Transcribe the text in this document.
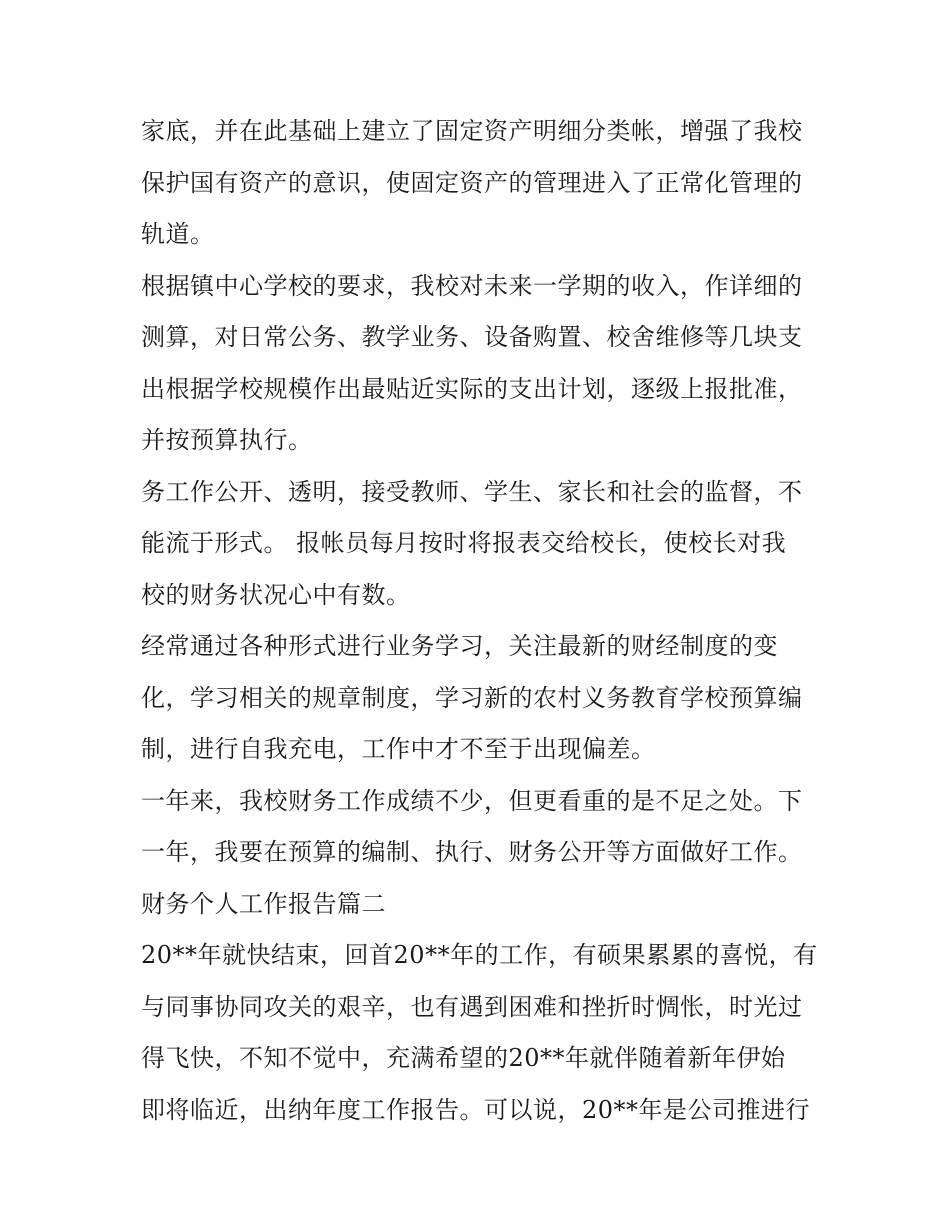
家底，并在此基础上建立了固定资产明细分类帐，增强了我校
保护国有资产的意识，使固定资产的管理进入了正常化管理的
轨道。
根据镇中心学校的要求，我校对未来一学期的收入，作详细的
测算，对日常公务、教学业务、设备购置、校舍维修等几块支
出根据学校规模作出最贴近实际的支出计划，逐级上报批准，
并按预算执行。
务工作公开、透明，接受教师、学生、家长和社会的监督，不
能流于形式。 报帐员每月按时将报表交给校长，使校长对我
校的财务状况心中有数。
经常通过各种形式进行业务学习，关注最新的财经制度的变
化，学习相关的规章制度，学习新的农村义务教育学校预算编
制，进行自我充电，工作中才不至于出现偏差。
一年来，我校财务工作成绩不少，但更看重的是不足之处。下
一年，我要在预算的编制、执行、财务公开等方面做好工作。
财务个人工作报告篇二
20**年就快结束，回首20**年的工作，有硕果累累的喜悦，有
与同事协同攻关的艰辛，也有遇到困难和挫折时惆怅，时光过
得飞快，不知不觉中，充满希望的20**年就伴随着新年伊始
即将临近，出纳年度工作报告。可以说，20**年是公司推进行
